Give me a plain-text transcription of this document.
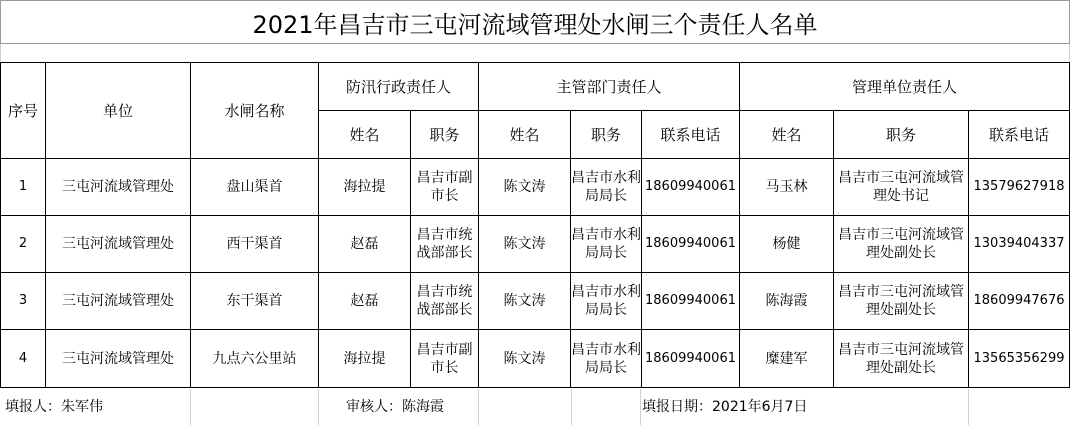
2021年昌吉市三屯河流域管理处水闸三个责任人名单
序号	单位	水闸名称	防汛行政责任人		主管部门责任人			管理单位责任人		
			姓名	职务	姓名	职务	联系电话	姓名	职务	联系电话
1	三屯河流域管理处	盘山渠首	海拉提	昌吉市副市长	陈文涛	昌吉市水利局局长	18609940061	马玉林	昌吉市三屯河流域管理处书记	13579627918
2	三屯河流域管理处	西干渠首	赵磊	昌吉市统战部部长	陈文涛	昌吉市水利局局长	18609940061	杨健	昌吉市三屯河流域管理处副处长	13039404337
3	三屯河流域管理处	东干渠首	赵磊	昌吉市统战部部长	陈文涛	昌吉市水利局局长	18609940061	陈海霞	昌吉市三屯河流域管理处副处长	18609947676
4	三屯河流域管理处	九点六公里站	海拉提	昌吉市副市长	陈文涛	昌吉市水利局局长	18609940061	糜建军	昌吉市三屯河流域管理处副处长	13565356299
填报人：朱军伟	审核人：陈海霞	填报日期：2021年6月7日
